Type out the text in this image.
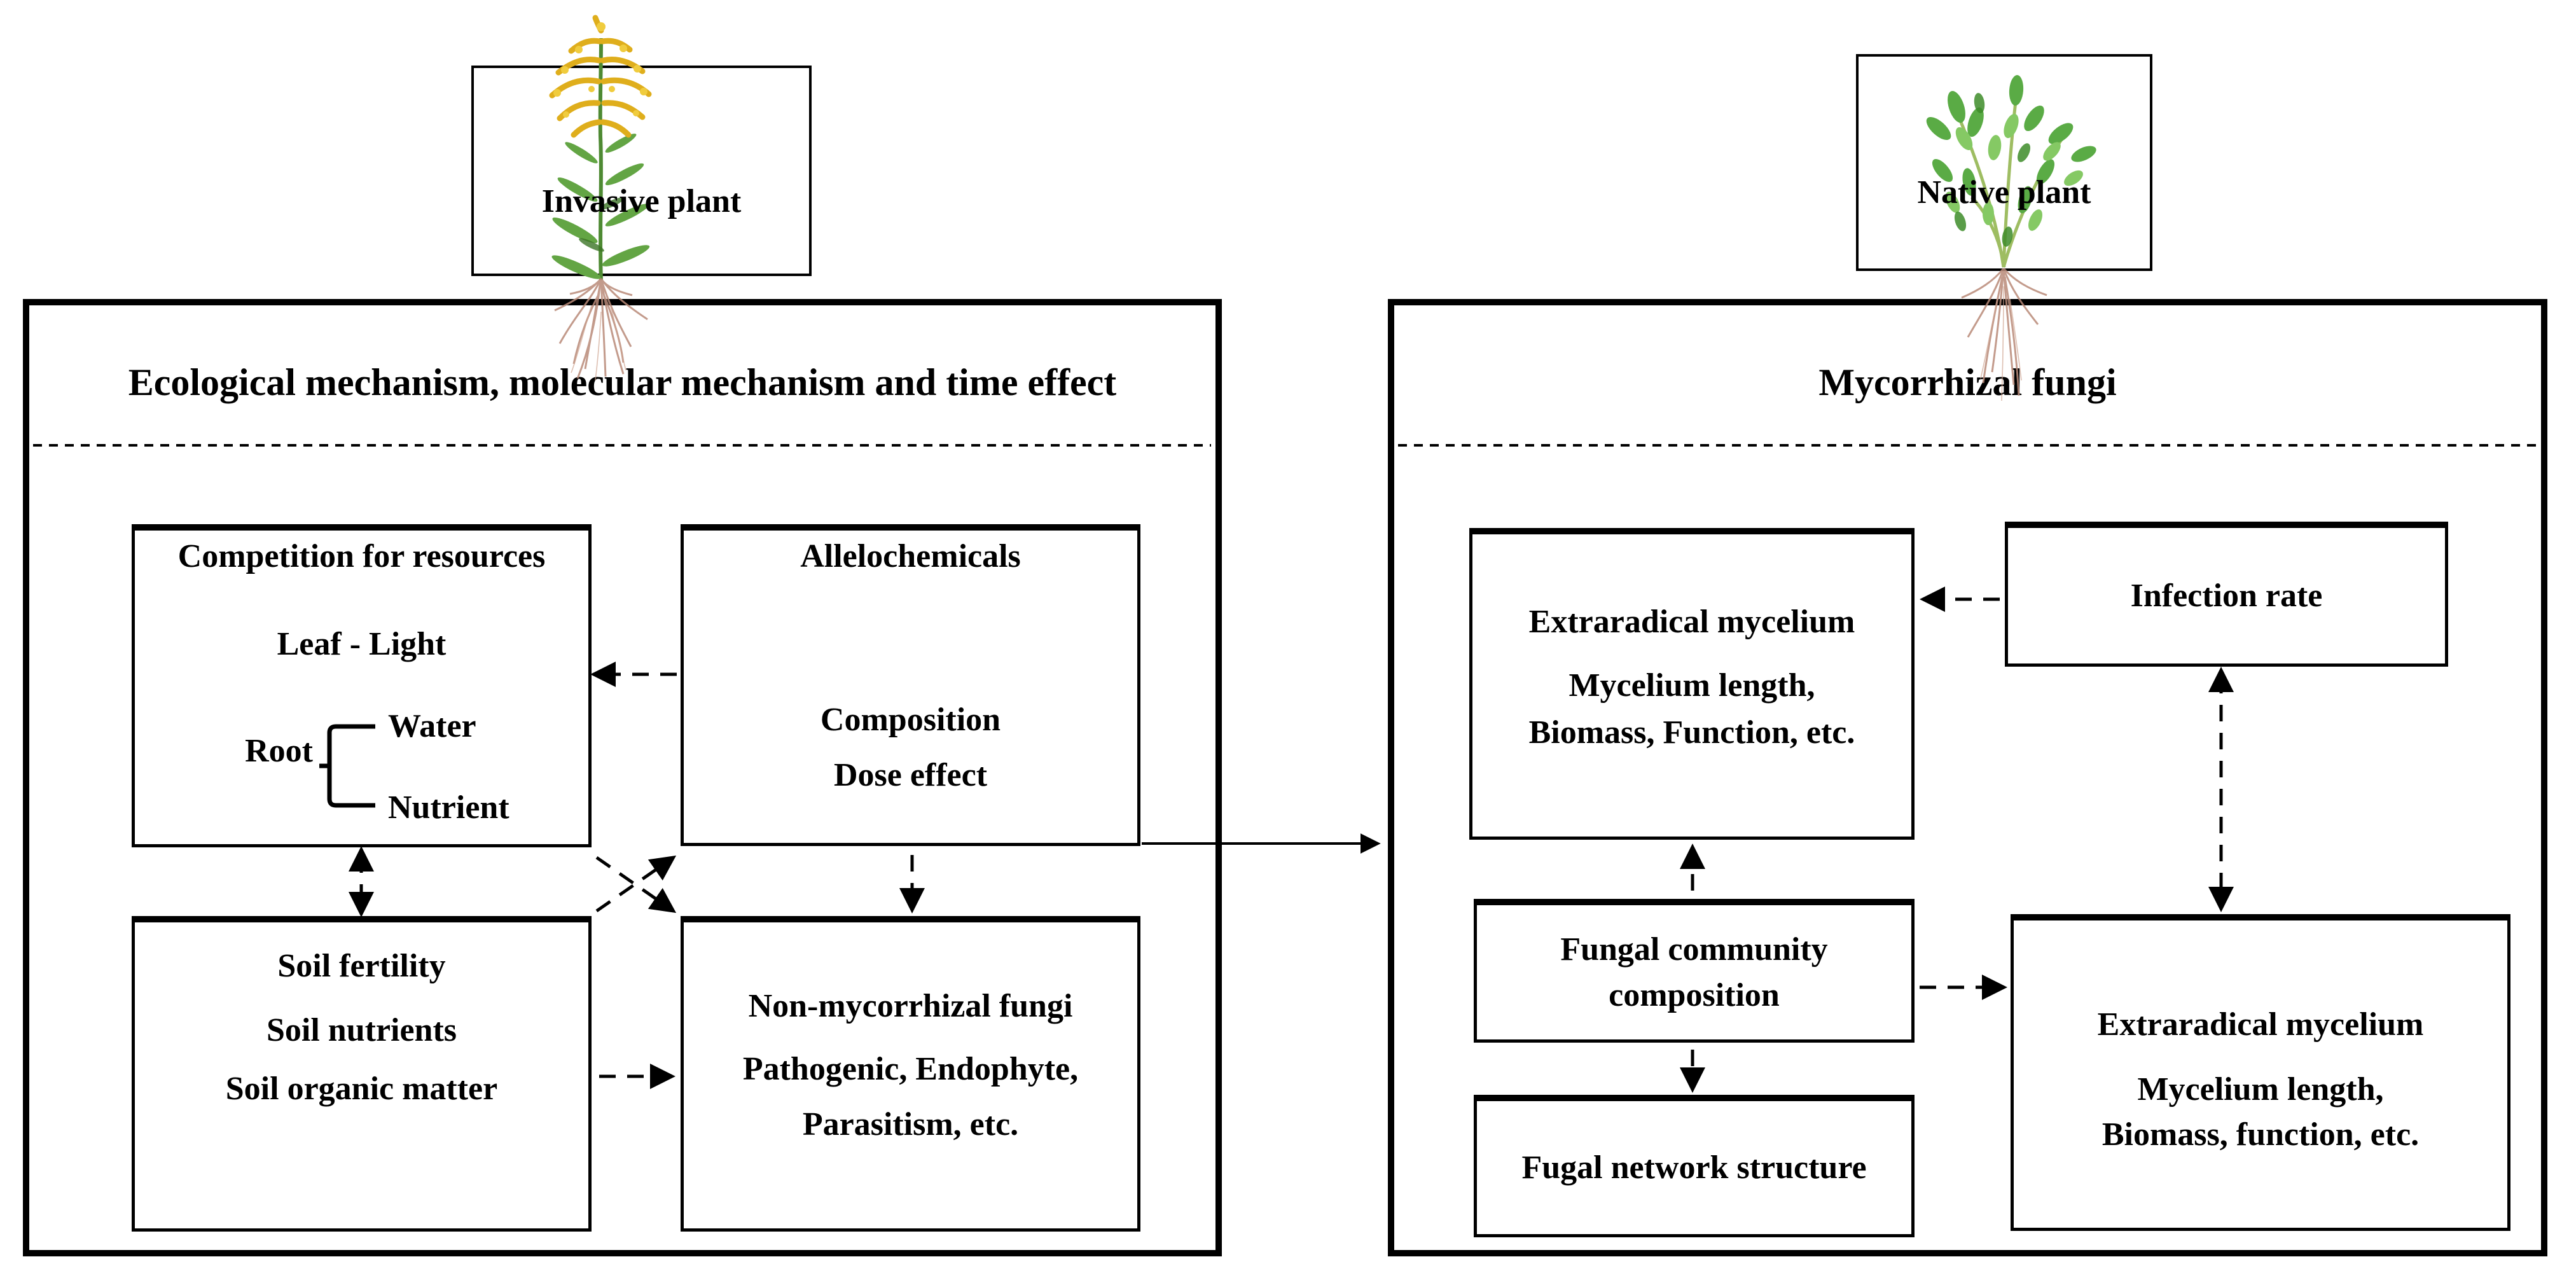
Invasive plant	Native plant
Ecological mechanism, molecular mechanism and time effect
Competition for resources
Leaf - Light
Root
Water
Nutrient
Allelochemicals
Composition
Dose effect
Soil fertility
Soil nutrients
Soil organic matter
Non-mycorrhizal fungi
Pathogenic, Endophyte,
Parasitism, etc.
Mycorrhizal fungi
Extraradical mycelium
Mycelium length,
Biomass, Function, etc.
Infection rate
Fungal community
composition
Fugal network structure
Extraradical mycelium
Mycelium length,
Biomass, function, etc.
